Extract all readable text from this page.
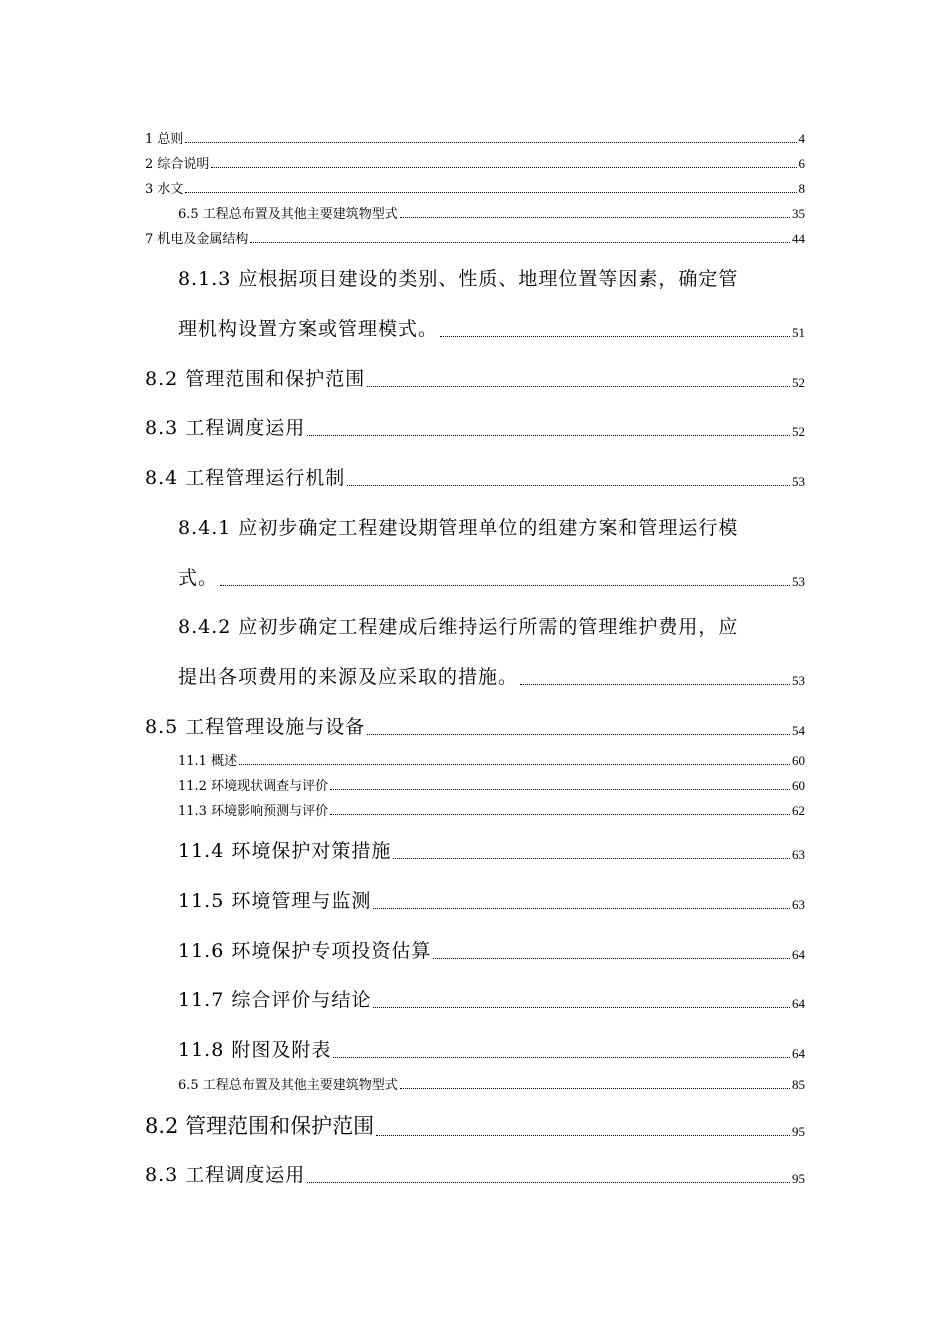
1 总则	4
2 综合说明	6
3 水文	8
6.5 工程总布置及其他主要建筑物型式	35
7 机电及金属结构	44
8.1.3 应根据项目建设的类别、性质、地理位置等因素，确定管
理机构设置方案或管理模式。	51
8.2 管理范围和保护范围	52
8.3 工程调度运用	52
8.4 工程管理运行机制	53
8.4.1 应初步确定工程建设期管理单位的组建方案和管理运行模
式。	53
8.4.2 应初步确定工程建成后维持运行所需的管理维护费用，应
提出各项费用的来源及应采取的措施。	53
8.5 工程管理设施与设备	54
11.1 概述	60
11.2 环境现状调查与评价	60
11.3 环境影响预测与评价	62
11.4 环境保护对策措施	63
11.5 环境管理与监测	63
11.6 环境保护专项投资估算	64
11.7 综合评价与结论	64
11.8 附图及附表	64
6.5 工程总布置及其他主要建筑物型式	85
8.2 管理范围和保护范围	95
8.3 工程调度运用	95
